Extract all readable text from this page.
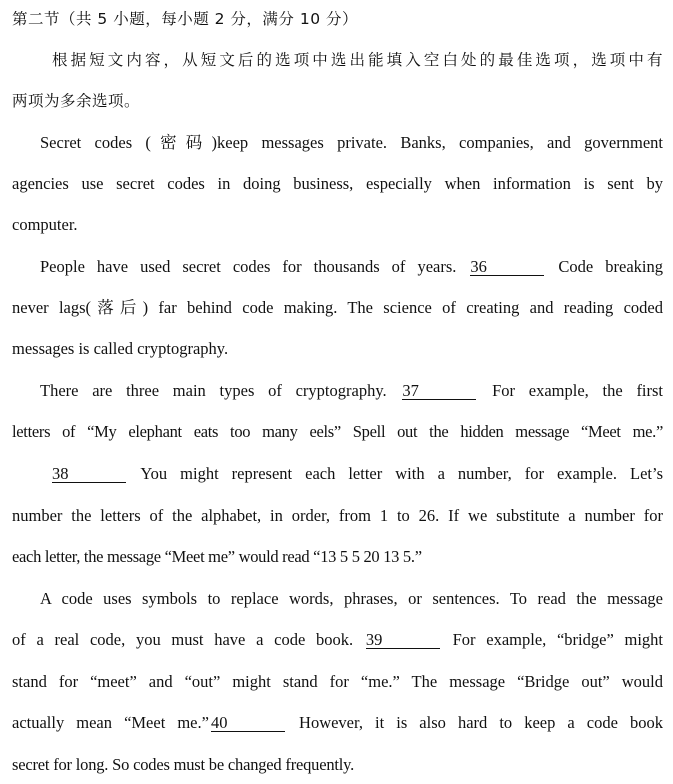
第二节（共 5 小题，每小题 2 分，满分 10 分）
根据短文内容，从短文后的选项中选出能填入空白处的最佳选项，选项中有
两项为多余选项。
Secret codes (密码)keep messages private. Banks, companies, and government
agencies use secret codes in doing business, especially when information is sent by
computer.
People have used secret codes for thousands of years. 36	Code breaking
never lags(落后) far behind code making. The science of creating and reading coded
messages is called cryptography.
There are three main types of cryptography. 37	For example, the first
letters of “My elephant eats too many eels” Spell out the hidden message “Meet me.”
38	You might represent each letter with a number, for example. Let’s
number the letters of the alphabet, in order, from 1 to 26. If we substitute a number for
each letter, the message “Meet me” would read “13 5 5 20 13 5.”
A code uses symbols to replace words, phrases, or sentences. To read the message
of a real code, you must have a code book. 39	For example, “bridge” might
stand for “meet” and “out” might stand for “me.” The message “Bridge out” would
actually mean “Meet me.” 40	However, it is also hard to keep a code book
secret for long. So codes must be changed frequently.
